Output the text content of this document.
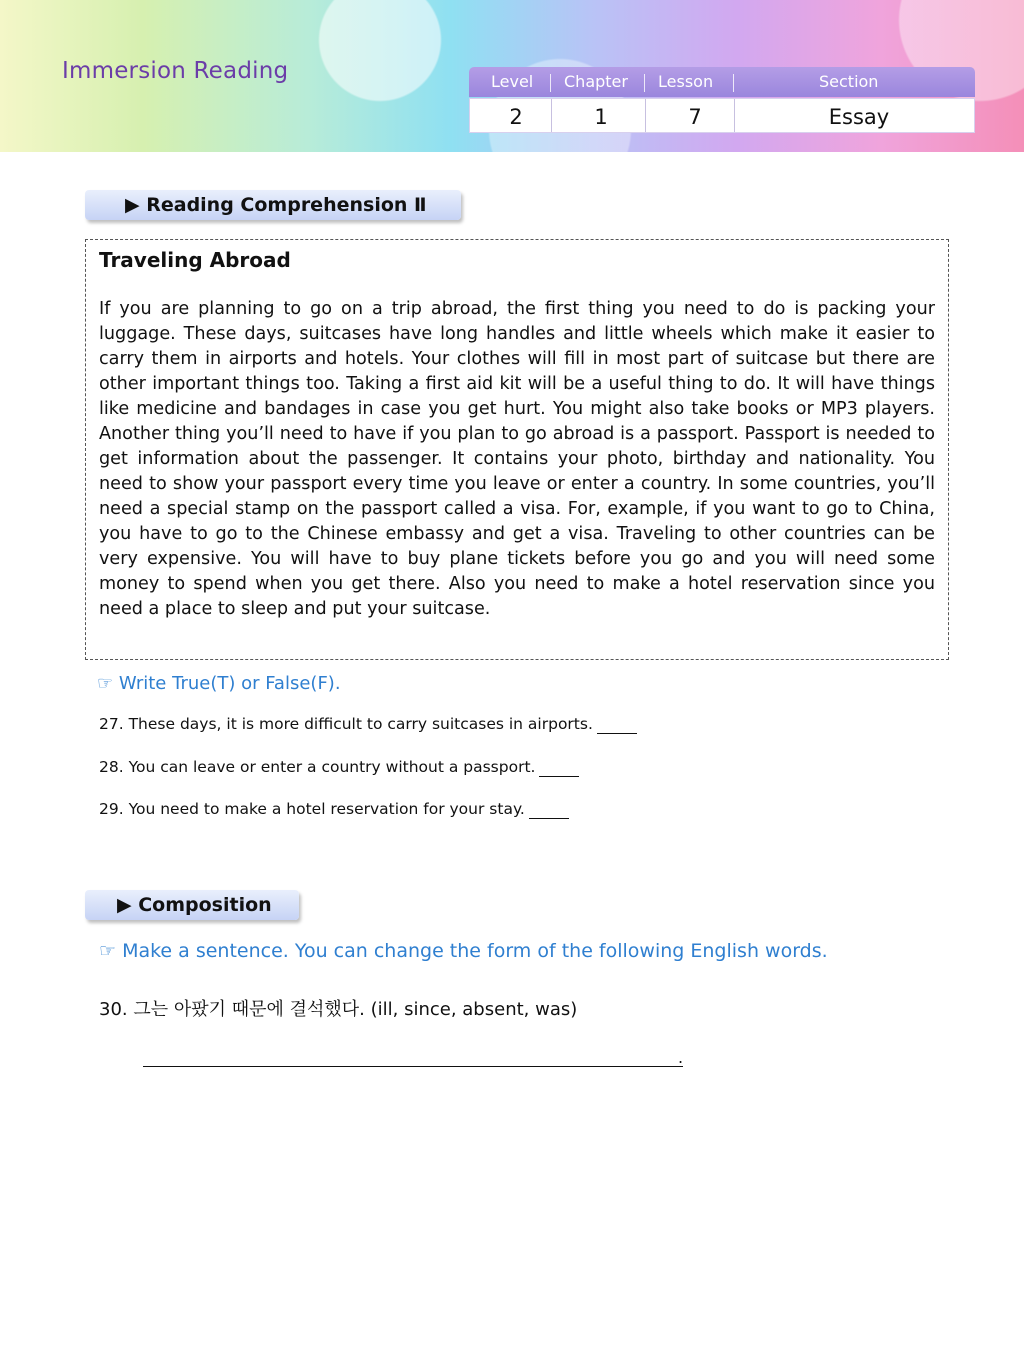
Immersion Reading	Level Chapter Lesson	Section
2	1	7	Essay
▶ Reading Comprehension Ⅱ
Traveling Abroad

If you are planning to go on a trip abroad, the first thing you need to do is packing your luggage. These days, suitcases have long handles and little wheels which make it easier to carry them in airports and hotels. Your clothes will fill in most part of suitcase but there are other important things too. Taking a first aid kit will be a useful thing to do. It will have things like medicine and bandages in case you get hurt. You might also take books or MP3 players. Another thing you’ll need to have if you plan to go abroad is a passport. Passport is needed to get information about the passenger. It contains your photo, birthday and nationality. You need to show your passport every time you leave or enter a country. In some countries, you’ll need a special stamp on the passport called a visa. For, example, if you want to go to China, you have to go to the Chinese embassy and get a visa. Traveling to other countries can be very expensive. You will have to buy plane tickets before you go and you will need some money to spend when you get there. Also you need to make a hotel reservation since you need a place to sleep and put your suitcase.

☞ Write True(T) or False(F).
27. These days, it is more difficult to carry suitcases in airports.
28. You can leave or enter a country without a passport.
29. You need to make a hotel reservation for your stay.
▶ Composition
☞ Make a sentence. You can change the form of the following English words.
30. 그는 아팠기 때문에 결석했다. (ill, since, absent, was)
.
